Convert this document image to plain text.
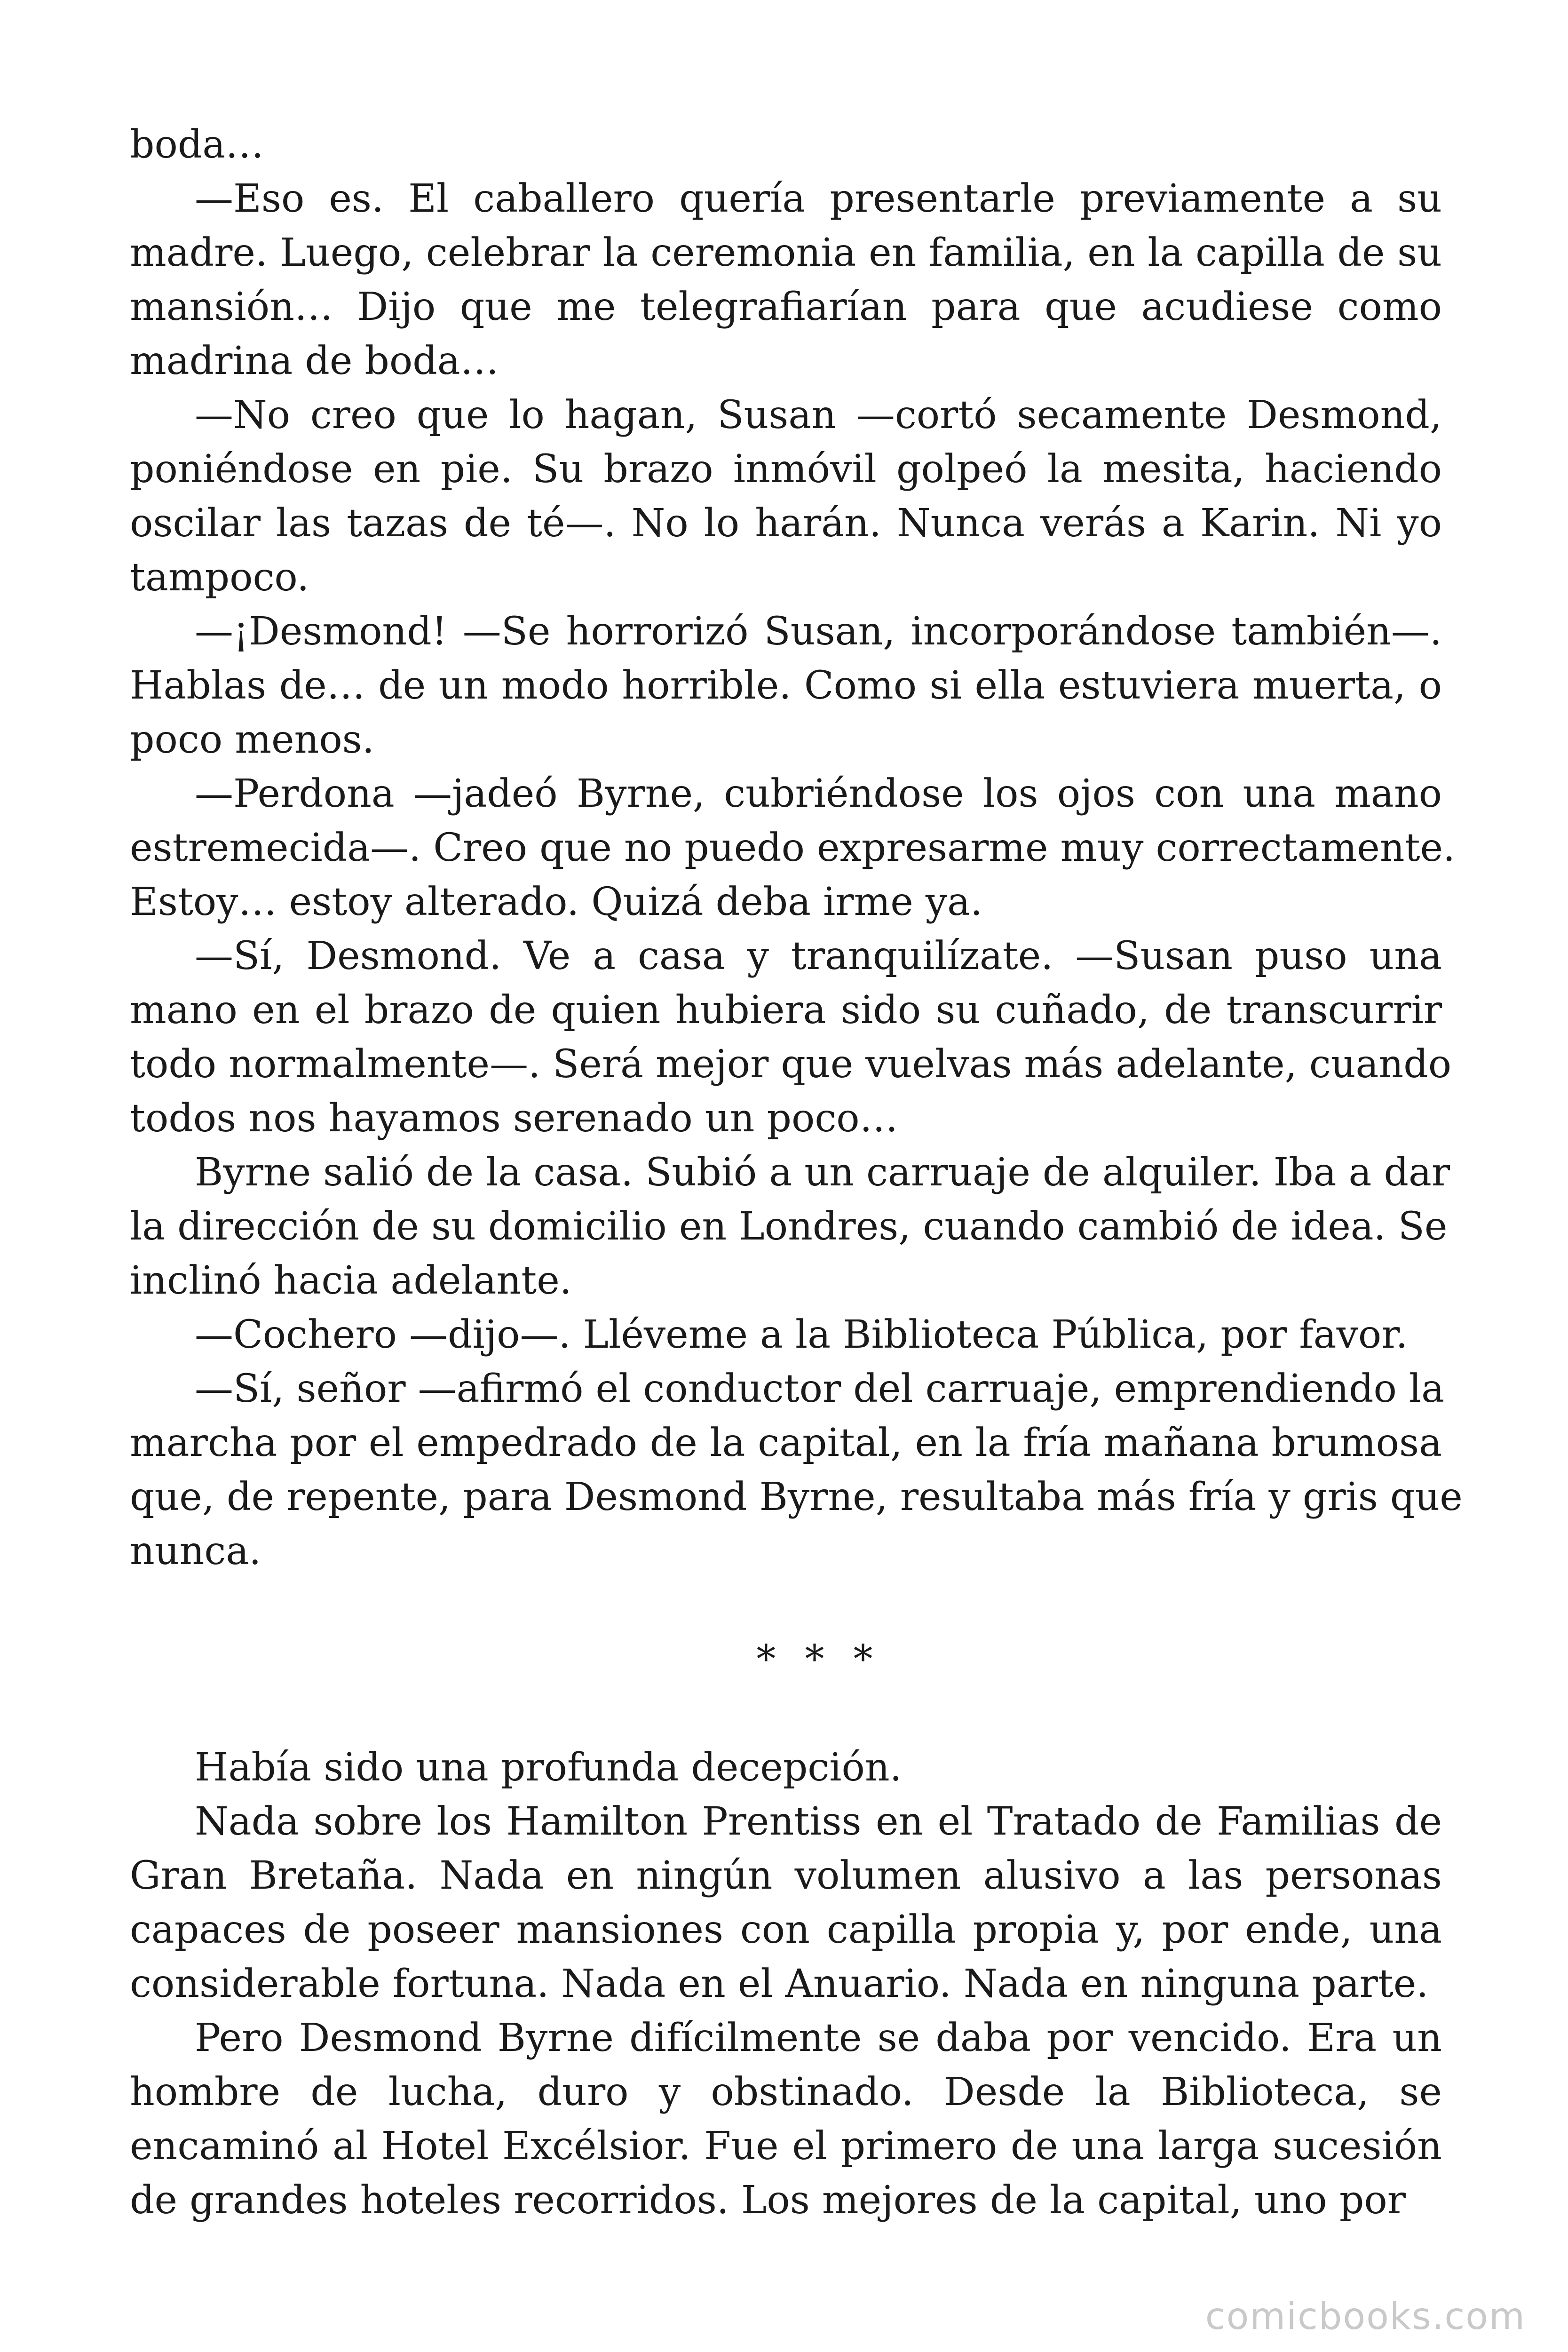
boda…
—Eso es. El caballero quería presentarle previamente a su
madre. Luego, celebrar la ceremonia en familia, en la capilla de su
mansión… Dijo que me telegrafiarían para que acudiese como
madrina de boda…
—No creo que lo hagan, Susan —cortó secamente Desmond,
poniéndose en pie. Su brazo inmóvil golpeó la mesita, haciendo
oscilar las tazas de té—. No lo harán. Nunca verás a Karin. Ni yo
tampoco.
—¡Desmond! —Se horrorizó Susan, incorporándose también—.
Hablas de… de un modo horrible. Como si ella estuviera muerta, o
poco menos.
—Perdona —jadeó Byrne, cubriéndose los ojos con una mano
estremecida—. Creo que no puedo expresarme muy correctamente.
Estoy… estoy alterado. Quizá deba irme ya.
—Sí, Desmond. Ve a casa y tranquilízate. —Susan puso una
mano en el brazo de quien hubiera sido su cuñado, de transcurrir
todo normalmente—. Será mejor que vuelvas más adelante, cuando
todos nos hayamos serenado un poco…
Byrne salió de la casa. Subió a un carruaje de alquiler. Iba a dar
la dirección de su domicilio en Londres, cuando cambió de idea. Se
inclinó hacia adelante.
—Cochero —dijo—. Lléveme a la Biblioteca Pública, por favor.
—Sí, señor —afirmó el conductor del carruaje, emprendiendo la
marcha por el empedrado de la capital, en la fría mañana brumosa
que, de repente, para Desmond Byrne, resultaba más fría y gris que
nunca.
* * *
Había sido una profunda decepción.
Nada sobre los Hamilton Prentiss en el Tratado de Familias de
Gran Bretaña. Nada en ningún volumen alusivo a las personas
capaces de poseer mansiones con capilla propia y, por ende, una
considerable fortuna. Nada en el Anuario. Nada en ninguna parte.
Pero Desmond Byrne difícilmente se daba por vencido. Era un
hombre de lucha, duro y obstinado. Desde la Biblioteca, se
encaminó al Hotel Excélsior. Fue el primero de una larga sucesión
de grandes hoteles recorridos. Los mejores de la capital, uno por
comicbooks.com
